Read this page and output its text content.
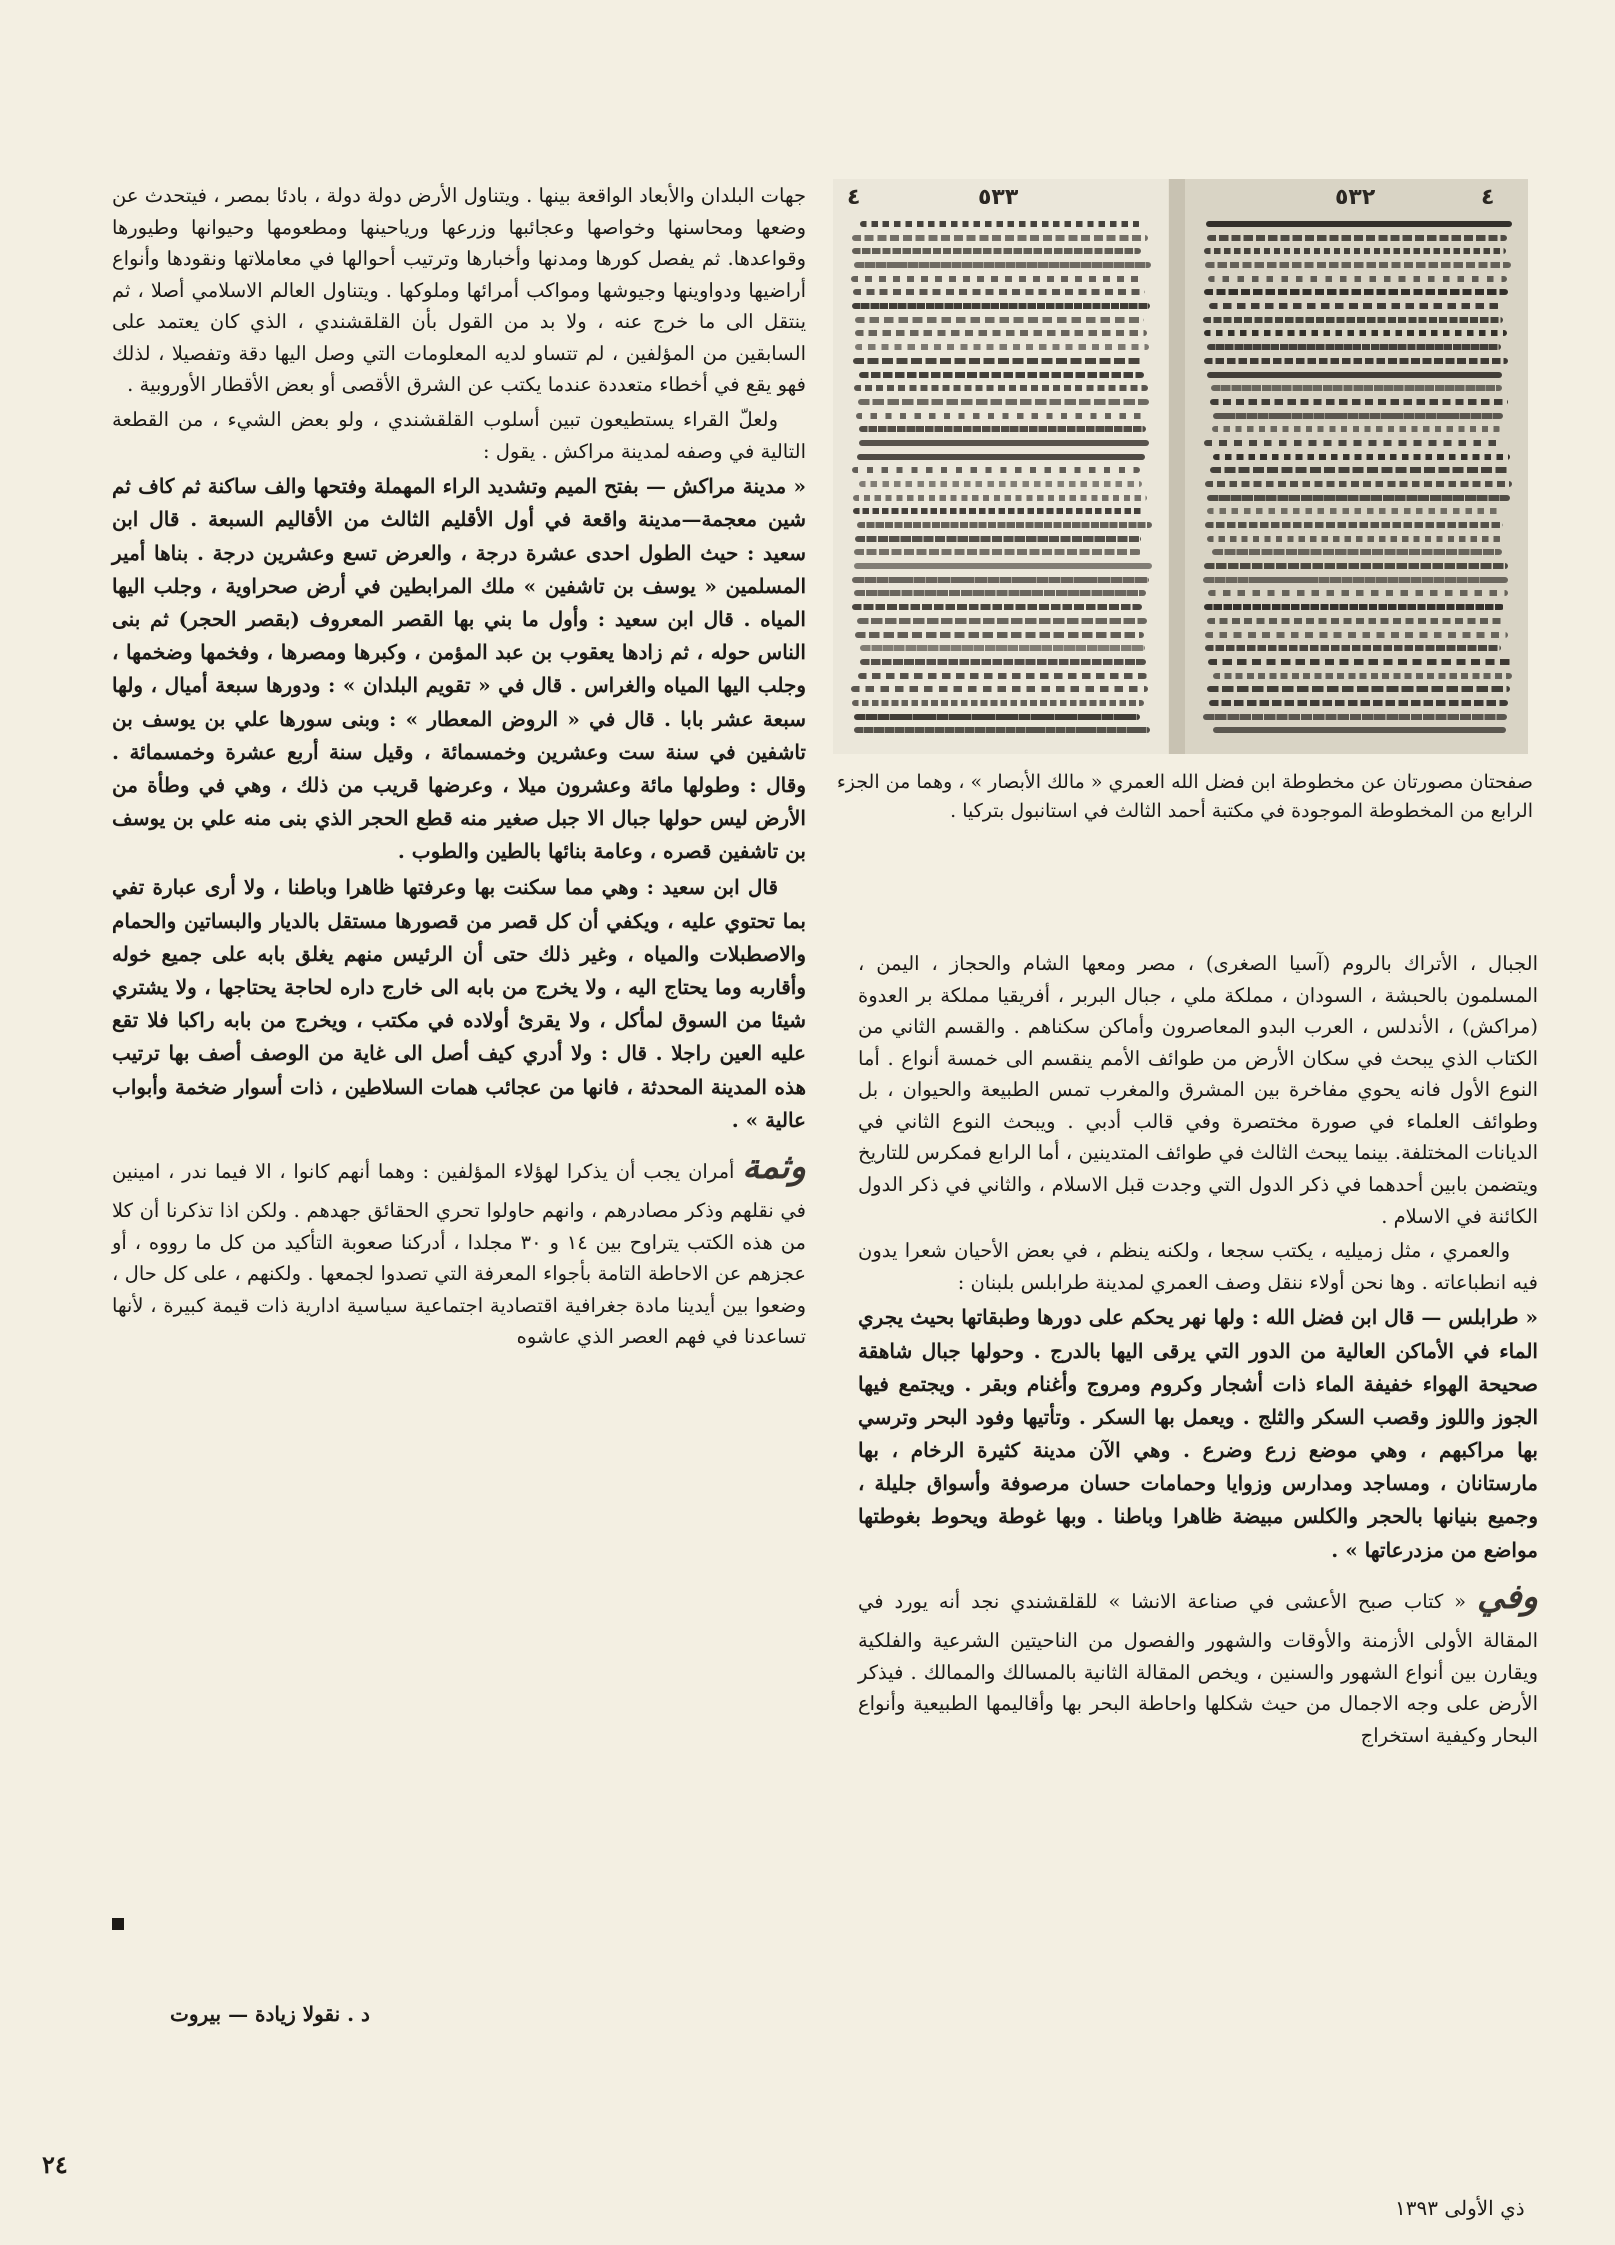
٤	٥٣٣	٥٣٢	٤
صفحتان مصورتان عن مخطوطة ابن فضل الله العمري « مالك الأبصار » ، وهما من الجزء الرابع من المخطوطة الموجودة في مكتبة أحمد الثالث في استانبول بتركيا .

الجبال ، الأتراك بالروم (آسيا الصغرى) ، مصر ومعها الشام والحجاز ، اليمن ، المسلمون بالحبشة ، السودان ، مملكة ملي ، جبال البربر ، أفريقيا مملكة بر العدوة (مراكش) ، الأندلس ، العرب البدو المعاصرون وأماكن سكناهم . والقسم الثاني من الكتاب الذي يبحث في سكان الأرض من طوائف الأمم ينقسم الى خمسة أنواع . أما النوع الأول فانه يحوي مفاخرة بين المشرق والمغرب تمس الطبيعة والحيوان ، بل وطوائف العلماء في صورة مختصرة وفي قالب أدبي . ويبحث النوع الثاني في الديانات المختلفة. بينما يبحث الثالث في طوائف المتدينين ، أما الرابع فمكرس للتاريخ ويتضمن بابين أحدهما في ذكر الدول التي وجدت قبل الاسلام ، والثاني في ذكر الدول الكائنة في الاسلام .

والعمري ، مثل زميليه ، يكتب سجعا ، ولكنه ينظم ، في بعض الأحيان شعرا يدون فيه انطباعاته . وها نحن أولاء ننقل وصف العمري لمدينة طرابلس بلبنان :

« طرابلس — قال ابن فضل الله : ولها نهر يحكم على دورها وطبقاتها بحيث يجري الماء في الأماكن العالية من الدور التي يرقى اليها بالدرج . وحولها جبال شاهقة صحيحة الهواء خفيفة الماء ذات أشجار وكروم ومروج وأغنام وبقر . ويجتمع فيها الجوز واللوز وقصب السكر والثلج . ويعمل بها السكر . وتأتيها وفود البحر وترسي بها مراكبهم ، وهي موضع زرع وضرع . وهي الآن مدينة كثيرة الرخام ، بها مارستانان ، ومساجد ومدارس وزوايا وحمامات حسان مرصوفة وأسواق جليلة ، وجميع بنيانها بالحجر والكلس مبيضة ظاهرا وباطنا . وبها غوطة ويحوط بغوطتها مواضع من مزدرعاتها » .

وفي « كتاب صبح الأعشى في صناعة الانشا » للقلقشندي نجد أنه يورد في المقالة الأولى الأزمنة والأوقات والشهور والفصول من الناحيتين الشرعية والفلكية ويقارن بين أنواع الشهور والسنين ، ويخص المقالة الثانية بالمسالك والممالك . فيذكر الأرض على وجه الاجمال من حيث شكلها واحاطة البحر بها وأقاليمها الطبيعية وأنواع البحار وكيفية استخراج

جهات البلدان والأبعاد الواقعة بينها . ويتناول الأرض دولة دولة ، بادئا بمصر ، فيتحدث عن وضعها ومحاسنها وخواصها وعجائبها وزرعها ورياحينها ومطعومها وحيوانها وطيورها وقواعدها. ثم يفصل كورها ومدنها وأخبارها وترتيب أحوالها في معاملاتها ونقودها وأنواع أراضيها ودواوينها وجيوشها ومواكب أمرائها وملوكها . ويتناول العالم الاسلامي أصلا ، ثم ينتقل الى ما خرج عنه ، ولا بد من القول بأن القلقشندي ، الذي كان يعتمد على السابقين من المؤلفين ، لم تتساو لديه المعلومات التي وصل اليها دقة وتفصيلا ، لذلك فهو يقع في أخطاء متعددة عندما يكتب عن الشرق الأقصى أو بعض الأقطار الأوروبية .

ولعلّ القراء يستطيعون تبين أسلوب القلقشندي ، ولو بعض الشيء ، من القطعة التالية في وصفه لمدينة مراكش . يقول :

« مدينة مراكش — بفتح الميم وتشديد الراء المهملة وفتحها والف ساكنة ثم كاف ثم شين معجمة—مدينة واقعة في أول الأقليم الثالث من الأقاليم السبعة . قال ابن سعيد : حيث الطول احدى عشرة درجة ، والعرض تسع وعشرين درجة . بناها أمير المسلمين « يوسف بن تاشفين » ملك المرابطين في أرض صحراوية ، وجلب اليها المياه . قال ابن سعيد : وأول ما بني بها القصر المعروف (بقصر الحجر) ثم بنى الناس حوله ، ثم زادها يعقوب بن عبد المؤمن ، وكبرها ومصرها ، وفخمها وضخمها ، وجلب اليها المياه والغراس . قال في « تقويم البلدان » : ودورها سبعة أميال ، ولها سبعة عشر بابا . قال في « الروض المعطار » : وبنى سورها علي بن يوسف بن تاشفين في سنة ست وعشرين وخمسمائة ، وقيل سنة أربع عشرة وخمسمائة . وقال : وطولها مائة وعشرون ميلا ، وعرضها قريب من ذلك ، وهي في وطأة من الأرض ليس حولها جبال الا جبل صغير منه قطع الحجر الذي بنى منه علي بن يوسف بن تاشفين قصره ، وعامة بنائها بالطين والطوب .

قال ابن سعيد : وهي مما سكنت بها وعرفتها ظاهرا وباطنا ، ولا أرى عبارة تفي بما تحتوي عليه ، ويكفي أن كل قصر من قصورها مستقل بالديار والبساتين والحمام والاصطبلات والمياه ، وغير ذلك حتى أن الرئيس منهم يغلق بابه على جميع خوله وأقاربه وما يحتاج اليه ، ولا يخرج من بابه الى خارج داره لحاجة يحتاجها ، ولا يشتري شيئا من السوق لمأكل ، ولا يقرئ أولاده في مكتب ، ويخرج من بابه راكبا فلا تقع عليه العين راجلا . قال : ولا أدري كيف أصل الى غاية من الوصف أصف بها ترتيب هذه المدينة المحدثة ، فانها من عجائب همات السلاطين ، ذات أسوار ضخمة وأبواب عالية » .

وثمة أمران يجب أن يذكرا لهؤلاء المؤلفين : وهما أنهم كانوا ، الا فيما ندر ، امينين في نقلهم وذكر مصادرهم ، وانهم حاولوا تحري الحقائق جهدهم . ولكن اذا تذكرنا أن كلا من هذه الكتب يتراوح بين ١٤ و ٣٠ مجلدا ، أدركنا صعوبة التأكيد من كل ما رووه ، أو عجزهم عن الاحاطة التامة بأجواء المعرفة التي تصدوا لجمعها . ولكنهم ، على كل حال ، وضعوا بين أيدينا مادة جغرافية اقتصادية اجتماعية سياسية ادارية ذات قيمة كبيرة ، لأنها تساعدنا في فهم العصر الذي عاشوه

د . نقولا زيادة — بيروت
٢٤
ذي الأولى ١٣٩٣
